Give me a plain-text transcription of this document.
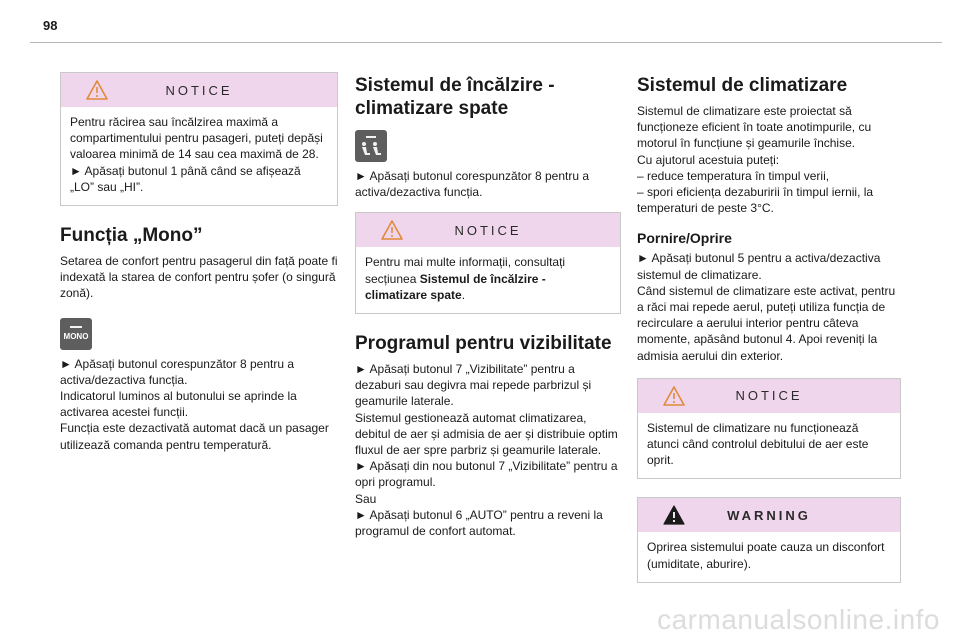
98
NOTICE

Pentru răcirea sau încălzirea maximă a compartimentului pentru pasageri, puteți depăși valoarea minimă de 14 sau cea maximă de 28.

► Apăsați butonul 1 până când se afișează „LO” sau „HI”.

Funcția „Mono”

Setarea de confort pentru pasagerul din față poate fi indexată la starea de confort pentru șofer (o singură zonă).

MONO

► Apăsați butonul corespunzător 8 pentru a activa/dezactiva funcția.

Indicatorul luminos al butonului se aprinde la activarea acestei funcții.

Funcția este dezactivată automat dacă un pasager utilizează comanda pentru temperatură.

Sistemul de încălzire - climatizare spate

► Apăsați butonul corespunzător 8 pentru a activa/dezactiva funcția.

NOTICE

Pentru mai multe informații, consultați secțiunea Sistemul de încălzire - climatizare spate.

Programul pentru vizibilitate

► Apăsați butonul 7 „Vizibilitate” pentru a dezaburi sau degivra mai repede parbrizul și geamurile laterale.

Sistemul gestionează automat climatizarea, debitul de aer și admisia de aer și distribuie optim fluxul de aer spre parbriz și geamurile laterale.

► Apăsați din nou butonul 7 „Vizibilitate” pentru a opri programul.

Sau

► Apăsați butonul 6 „AUTO” pentru a reveni la programul de confort automat.

Sistemul de climatizare

Sistemul de climatizare este proiectat să funcționeze eficient în toate anotimpurile, cu motorul în funcțiune și geamurile închise.

Cu ajutorul acestuia puteți:

– reduce temperatura în timpul verii,

– spori eficiența dezaburirii în timpul iernii, la temperaturi de peste 3°C.

Pornire/Oprire

► Apăsați butonul 5 pentru a activa/dezactiva sistemul de climatizare.

Când sistemul de climatizare este activat, pentru a răci mai repede aerul, puteți utiliza funcția de recirculare a aerului interior pentru câteva momente, apăsând butonul 4. Apoi reveniți la admisia aerului din exterior.

NOTICE

Sistemul de climatizare nu funcționează atunci când controlul debitului de aer este oprit.

WARNING

Oprirea sistemului poate cauza un disconfort (umiditate, aburire).

carmanualsonline.info
